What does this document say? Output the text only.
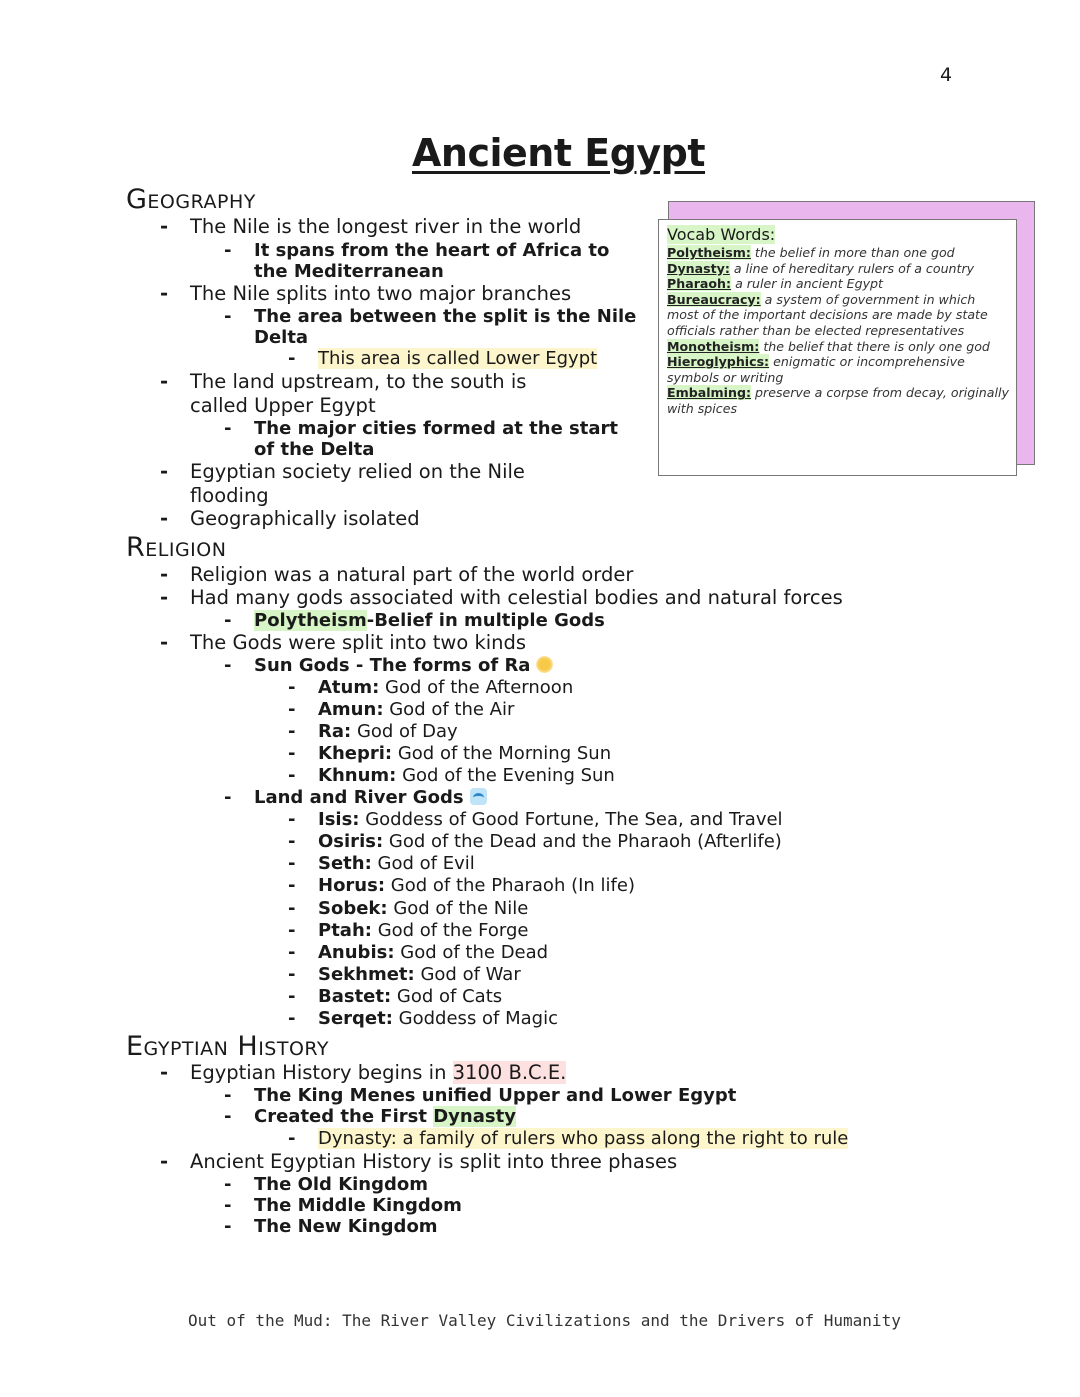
4
Ancient Egypt
Geography
- The Nile is the longest river in the world
- It spans from the heart of Africa to
the Mediterranean
- The Nile splits into two major branches
- The area between the split is the Nile
Delta
- This area is called Lower Egypt
- The land upstream, to the south is
called Upper Egypt
- The major cities formed at the start
of the Delta
- Egyptian society relied on the Nile
flooding
- Geographically isolated
Vocab Words:
Polytheism: the belief in more than one god
Dynasty: a line of hereditary rulers of a country
Pharaoh: a ruler in ancient Egypt
Bureaucracy: a system of government in which most of the important decisions are made by state officials rather than be elected representatives
Monotheism: the belief that there is only one god
Hieroglyphics: enigmatic or incomprehensive symbols or writing
Embalming: preserve a corpse from decay, originally with spices
Religion
- Religion was a natural part of the world order
- Had many gods associated with celestial bodies and natural forces
- Polytheism-Belief in multiple Gods
- The Gods were split into two kinds
- Sun Gods - The forms of Ra
- Atum: God of the Afternoon
- Amun: God of the Air
- Ra: God of Day
- Khepri: God of the Morning Sun
- Khnum: God of the Evening Sun
- Land and River Gods
- Isis: Goddess of Good Fortune, The Sea, and Travel
- Osiris: God of the Dead and the Pharaoh (Afterlife)
- Seth: God of Evil
- Horus: God of the Pharaoh (In life)
- Sobek: God of the Nile
- Ptah: God of the Forge
- Anubis: God of the Dead
- Sekhmet: God of War
- Bastet: God of Cats
- Serqet: Goddess of Magic
Egyptian History
- Egyptian History begins in 3100 B.C.E.
- The King Menes unified Upper and Lower Egypt
- Created the First Dynasty
- Dynasty: a family of rulers who pass along the right to rule
- Ancient Egyptian History is split into three phases
- The Old Kingdom
- The Middle Kingdom
- The New Kingdom
Out of the Mud: The River Valley Civilizations and the Drivers of Humanity
